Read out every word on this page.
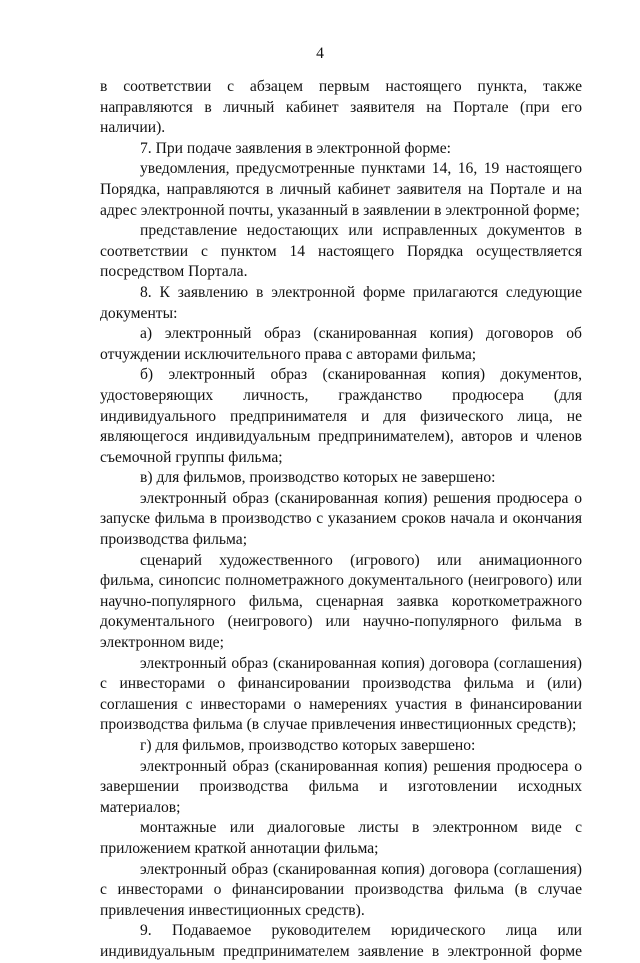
4

в соответствии с абзацем первым настоящего пункта, также направляются в личный кабинет заявителя на Портале (при его наличии).

7. При подаче заявления в электронной форме:

уведомления, предусмотренные пунктами 14, 16, 19 настоящего Порядка, направляются в личный кабинет заявителя на Портале и на адрес электронной почты, указанный в заявлении в электронной форме;

представление недостающих или исправленных документов в соответствии с пунктом 14 настоящего Порядка осуществляется посредством Портала.

8. К заявлению в электронной форме прилагаются следующие документы:

а) электронный образ (сканированная копия) договоров об отчуждении исключительного права с авторами фильма;

б) электронный образ (сканированная копия) документов, удостоверяющих личность, гражданство продюсера (для индивидуального предпринимателя и для физического лица, не являющегося индивидуальным предпринимателем), авторов и членов съемочной группы фильма;

в) для фильмов, производство которых не завершено:

электронный образ (сканированная копия) решения продюсера о запуске фильма в производство с указанием сроков начала и окончания производства фильма;

сценарий художественного (игрового) или анимационного фильма, синопсис полнометражного документального (неигрового) или научно-популярного фильма, сценарная заявка короткометражного документального (неигрового) или научно-популярного фильма в электронном виде;

электронный образ (сканированная копия) договора (соглашения) с инвесторами о финансировании производства фильма и (или) соглашения с инвесторами о намерениях участия в финансировании производства фильма (в случае привлечения инвестиционных средств);

г) для фильмов, производство которых завершено:

электронный образ (сканированная копия) решения продюсера о завершении производства фильма и изготовлении исходных материалов;

монтажные или диалоговые листы в электронном виде с приложением краткой аннотации фильма;

электронный образ (сканированная копия) договора (соглашения) с инвесторами о финансировании производства фильма (в случае привлечения инвестиционных средств).

9. Подаваемое руководителем юридического лица или индивидуальным предпринимателем заявление в электронной форме
